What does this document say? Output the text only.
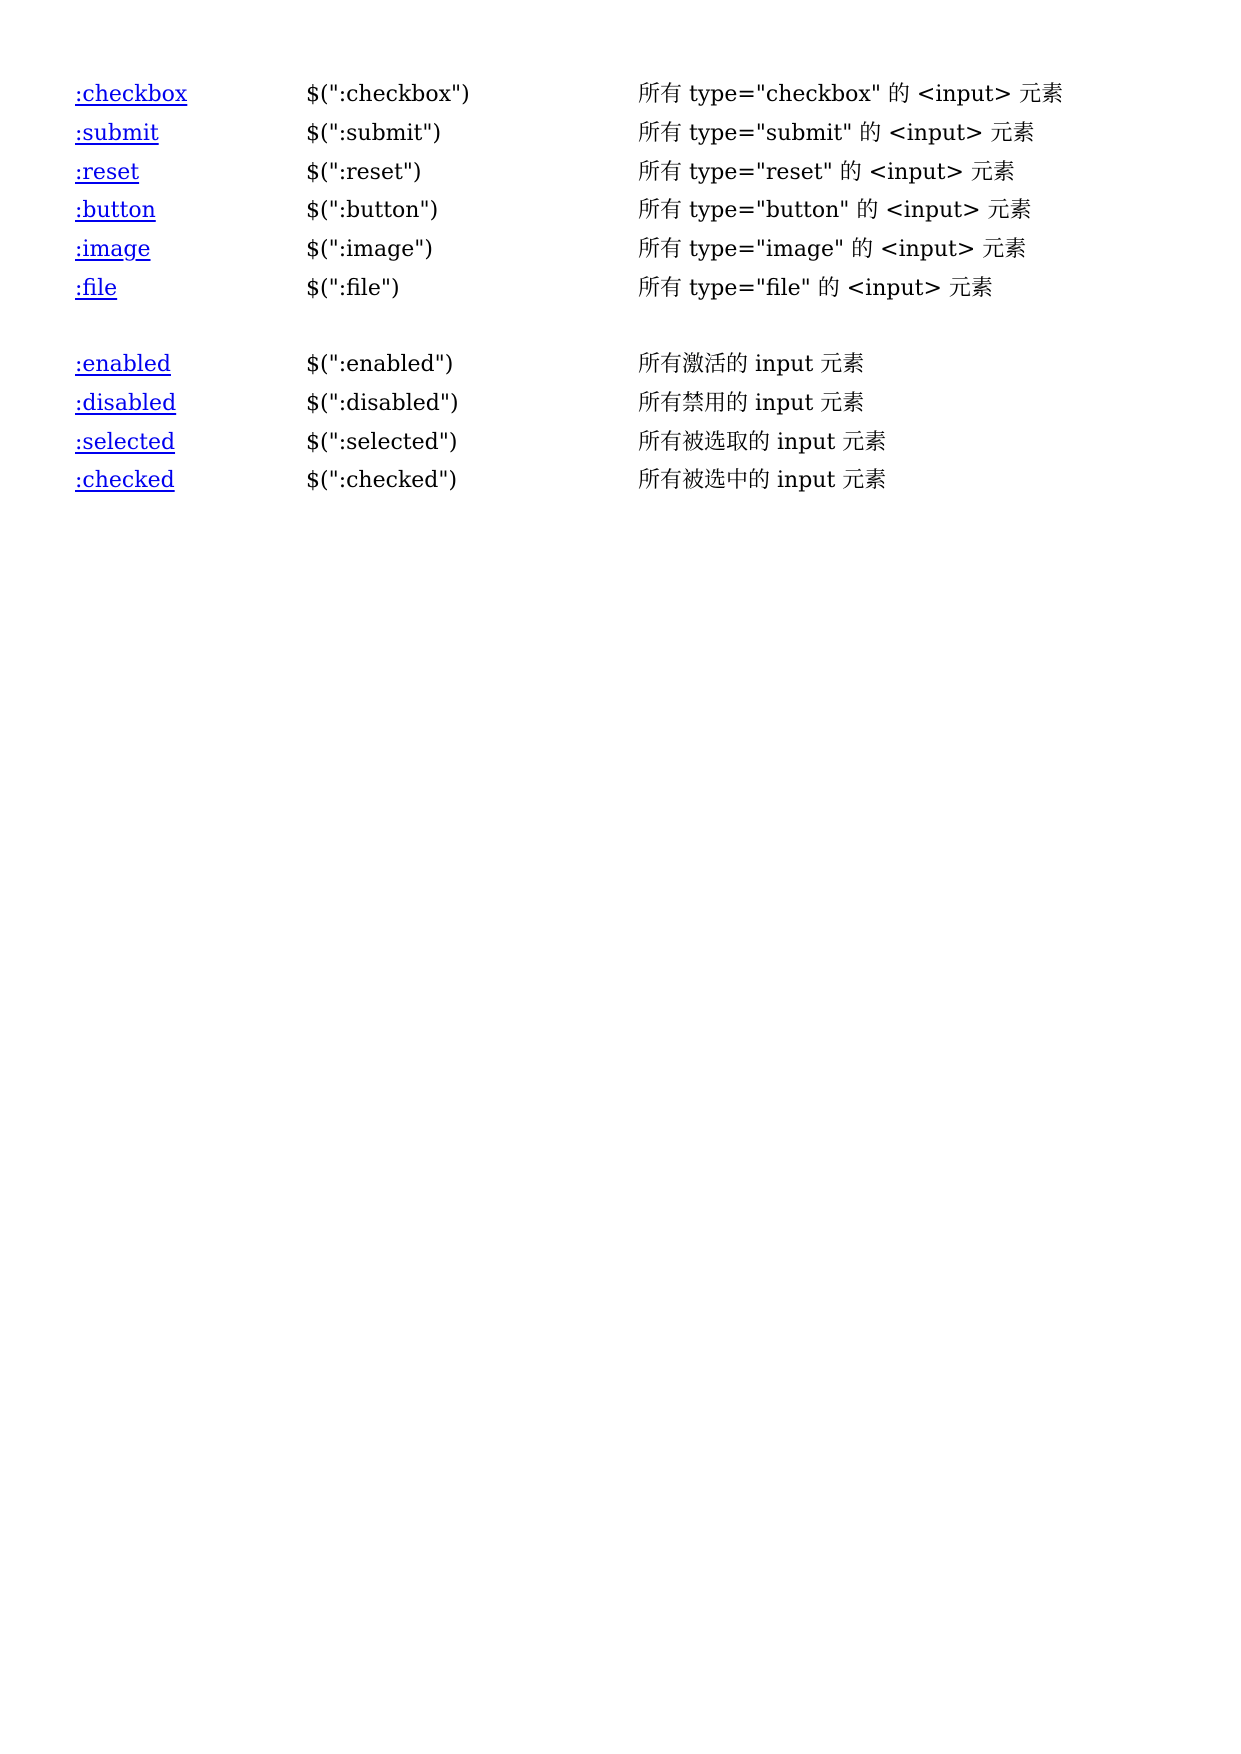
:checkbox	$(":checkbox")	所有 type="checkbox" 的 <input> 元素
:submit	$(":submit")	所有 type="submit" 的 <input> 元素
:reset	$(":reset")	所有 type="reset" 的 <input> 元素
:button	$(":button")	所有 type="button" 的 <input> 元素
:image	$(":image")	所有 type="image" 的 <input> 元素
:file	$(":file")	所有 type="file" 的 <input> 元素
:enabled	$(":enabled")	所有激活的 input 元素
:disabled	$(":disabled")	所有禁用的 input 元素
:selected	$(":selected")	所有被选取的 input 元素
:checked	$(":checked")	所有被选中的 input 元素
